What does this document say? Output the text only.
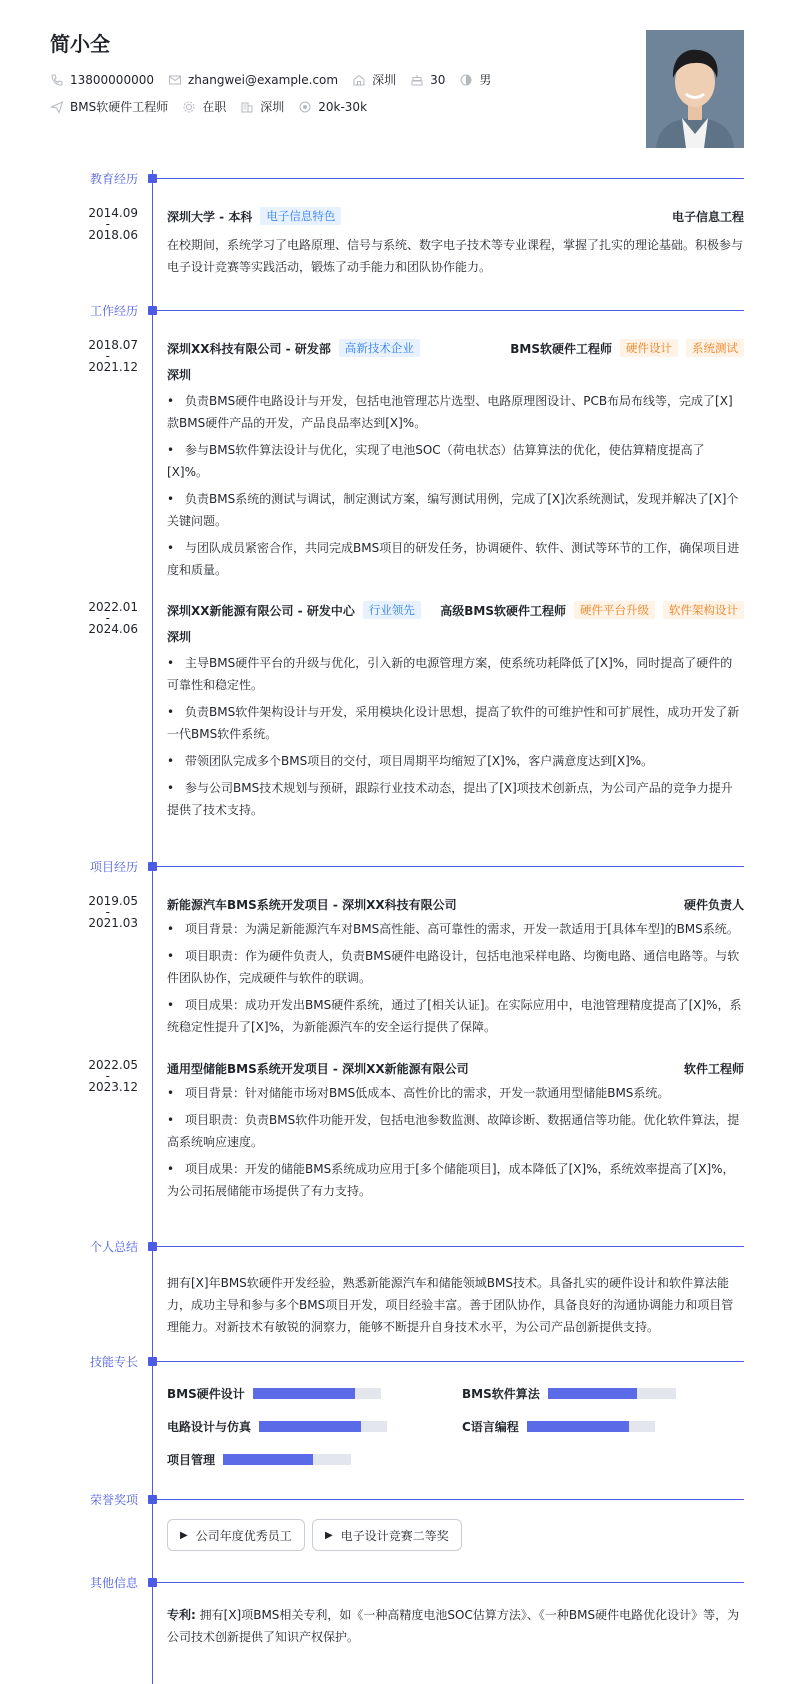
简小全
13800000000	zhangwei@example.com	深圳	30	男
BMS软硬件工程师	在职	深圳	20k-30k
教育经历
2014.09
-
2018.06
深圳大学 - 本科	电子信息特色	电子信息工程
在校期间，系统学习了电路原理、信号与系统、数字电子技术等专业课程，掌握了扎实的理论基础。积极参与电子设计竞赛等实践活动，锻炼了动手能力和团队协作能力。
工作经历
2018.07
-
2021.12
深圳XX科技有限公司 - 研发部	高新技术企业	BMS软硬件工程师	硬件设计	系统测试
深圳
• 负责BMS硬件电路设计与开发，包括电池管理芯片选型、电路原理图设计、PCB布局布线等，完成了[X]款BMS硬件产品的开发，产品良品率达到[X]%。
• 参与BMS软件算法设计与优化，实现了电池SOC（荷电状态）估算算法的优化，使估算精度提高了[X]%。
• 负责BMS系统的测试与调试，制定测试方案，编写测试用例，完成了[X]次系统测试，发现并解决了[X]个关键问题。
• 与团队成员紧密合作，共同完成BMS项目的研发任务，协调硬件、软件、测试等环节的工作，确保项目进度和质量。
2022.01
-
2024.06
深圳XX新能源有限公司 - 研发中心	行业领先	高级BMS软硬件工程师	硬件平台升级	软件架构设计
深圳
• 主导BMS硬件平台的升级与优化，引入新的电源管理方案，使系统功耗降低了[X]%，同时提高了硬件的可靠性和稳定性。
• 负责BMS软件架构设计与开发，采用模块化设计思想，提高了软件的可维护性和可扩展性，成功开发了新一代BMS软件系统。
• 带领团队完成多个BMS项目的交付，项目周期平均缩短了[X]%，客户满意度达到[X]%。
• 参与公司BMS技术规划与预研，跟踪行业技术动态，提出了[X]项技术创新点，为公司产品的竞争力提升提供了技术支持。
项目经历
2019.05
-
2021.03
新能源汽车BMS系统开发项目 - 深圳XX科技有限公司	硬件负责人
• 项目背景：为满足新能源汽车对BMS高性能、高可靠性的需求，开发一款适用于[具体车型]的BMS系统。
• 项目职责：作为硬件负责人，负责BMS硬件电路设计，包括电池采样电路、均衡电路、通信电路等。与软件团队协作，完成硬件与软件的联调。
• 项目成果：成功开发出BMS硬件系统，通过了[相关认证]。在实际应用中，电池管理精度提高了[X]%，系统稳定性提升了[X]%，为新能源汽车的安全运行提供了保障。
2022.05
-
2023.12
通用型储能BMS系统开发项目 - 深圳XX新能源有限公司	软件工程师
• 项目背景：针对储能市场对BMS低成本、高性价比的需求，开发一款通用型储能BMS系统。
• 项目职责：负责BMS软件功能开发，包括电池参数监测、故障诊断、数据通信等功能。优化软件算法，提高系统响应速度。
• 项目成果：开发的储能BMS系统成功应用于[多个储能项目]，成本降低了[X]%，系统效率提高了[X]%，为公司拓展储能市场提供了有力支持。
个人总结
拥有[X]年BMS软硬件开发经验，熟悉新能源汽车和储能领域BMS技术。具备扎实的硬件设计和软件算法能力，成功主导和参与多个BMS项目开发，项目经验丰富。善于团队协作，具备良好的沟通协调能力和项目管理能力。对新技术有敏锐的洞察力，能够不断提升自身技术水平，为公司产品创新提供支持。
技能专长
BMS硬件设计	BMS软件算法
电路设计与仿真	C语言编程
项目管理
荣誉奖项
▶ 公司年度优秀员工	▶ 电子设计竞赛二等奖
其他信息
专利: 拥有[X]项BMS相关专利，如《一种高精度电池SOC估算方法》、《一种BMS硬件电路优化设计》等，为公司技术创新提供了知识产权保护。
